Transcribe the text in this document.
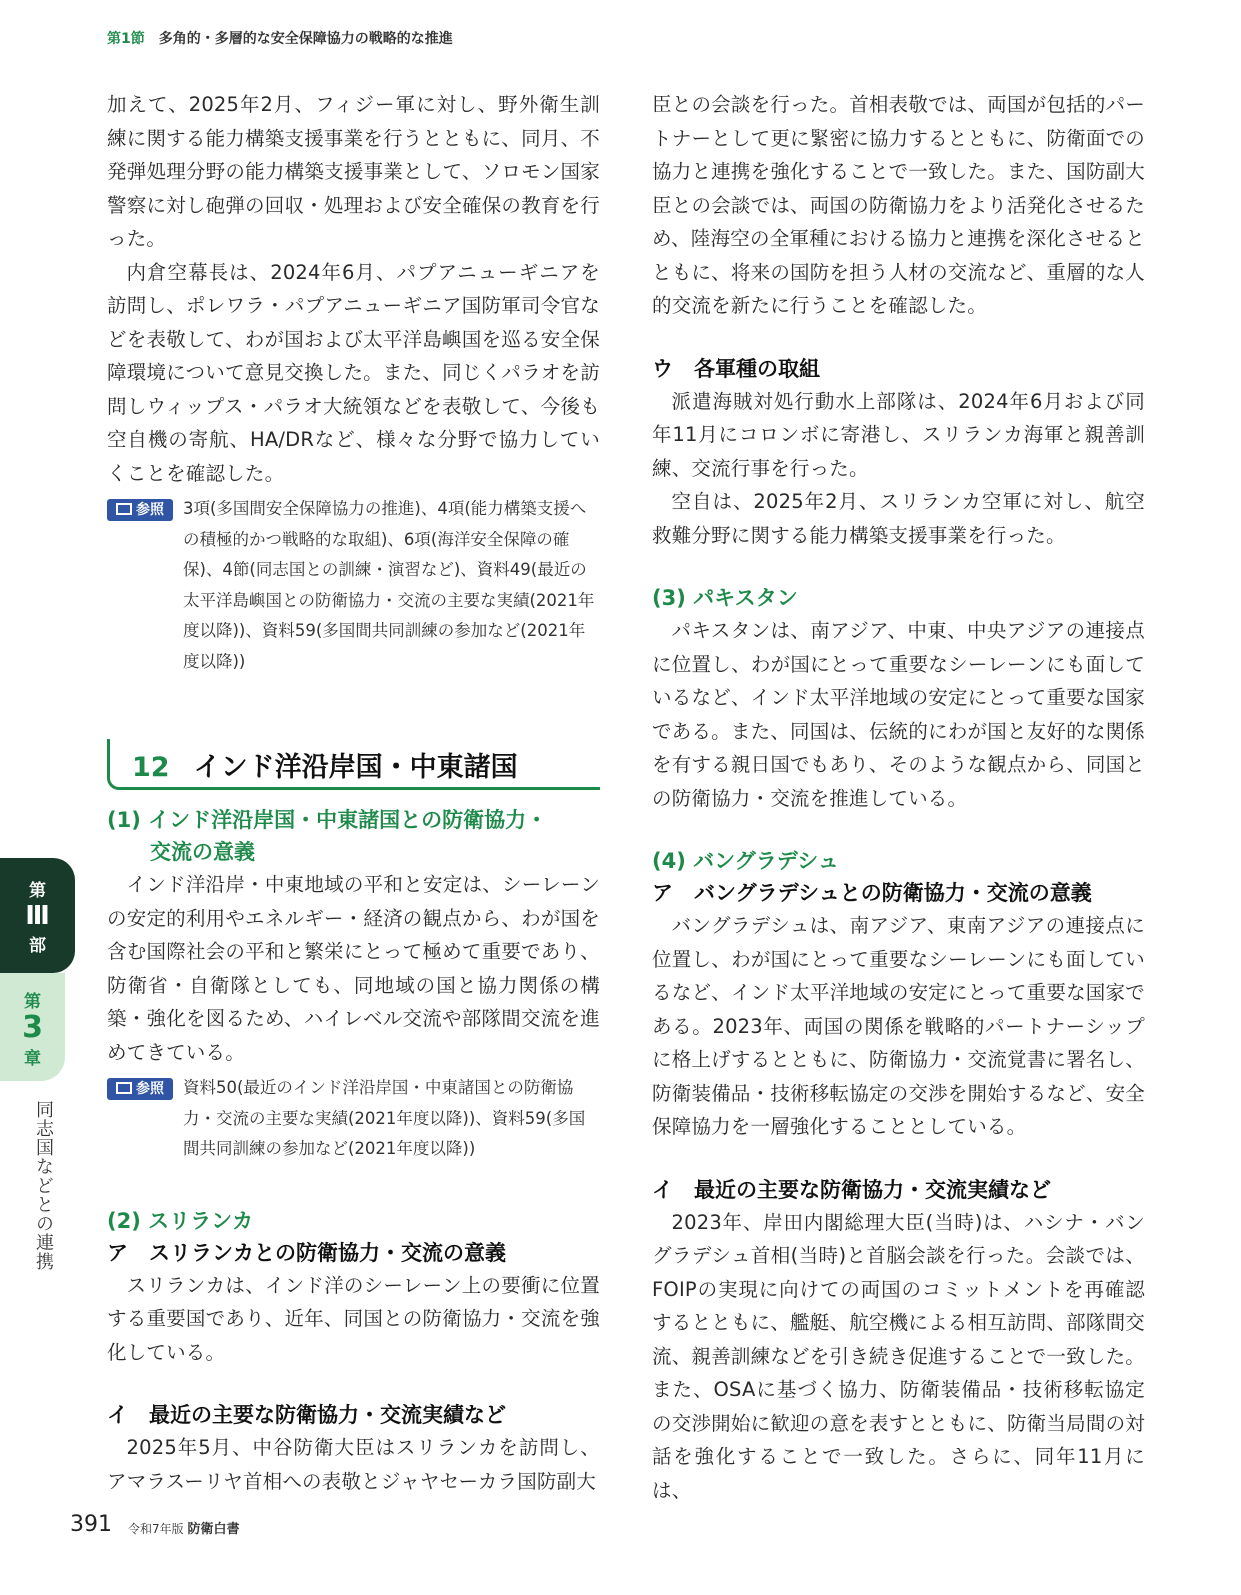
第1節 多角的・多層的な安全保障協力の戦略的な推進

加えて、2025年2月、フィジー軍に対し、野外衛生訓練に関する能力構築支援事業を行うとともに、同月、不発弾処理分野の能力構築支援事業として、ソロモン国家警察に対し砲弾の回収・処理および安全確保の教育を行った。

内倉空幕長は、2024年6月、パプアニューギニアを訪問し、ポレワラ・パプアニューギニア国防軍司令官などを表敬して、わが国および太平洋島嶼国を巡る安全保障環境について意見交換した。また、同じくパラオを訪問しウィップス・パラオ大統領などを表敬して、今後も空自機の寄航、HA/DRなど、様々な分野で協力していくことを確認した。

参照	3項(多国間安全保障協力の推進)、4項(能力構築支援への積極的かつ戦略的な取組)、6項(海洋安全保障の確保)、4節(同志国との訓練・演習など)、資料49(最近の太平洋島嶼国との防衛協力・交流の主要な実績(2021年度以降))、資料59(多国間共同訓練の参加など(2021年度以降))
12 インド洋沿岸国・中東諸国
(1) インド洋沿岸国・中東諸国との防衛協力・
交流の意義

インド洋沿岸・中東地域の平和と安定は、シーレーンの安定的利用やエネルギー・経済の観点から、わが国を含む国際社会の平和と繁栄にとって極めて重要であり、防衛省・自衛隊としても、同地域の国と協力関係の構築・強化を図るため、ハイレベル交流や部隊間交流を進めてきている。

参照	資料50(最近のインド洋沿岸国・中東諸国との防衛協力・交流の主要な実績(2021年度以降))、資料59(多国間共同訓練の参加など(2021年度以降))
(2) スリランカ
ア　スリランカとの防衛協力・交流の意義

スリランカは、インド洋のシーレーン上の要衝に位置する重要国であり、近年、同国との防衛協力・交流を強化している。

イ　最近の主要な防衛協力・交流実績など

2025年5月、中谷防衛大臣はスリランカを訪問し、アマラスーリヤ首相への表敬とジャヤセーカラ国防副大

臣との会談を行った。首相表敬では、両国が包括的パートナーとして更に緊密に協力するとともに、防衛面での協力と連携を強化することで一致した。また、国防副大臣との会談では、両国の防衛協力をより活発化させるため、陸海空の全軍種における協力と連携を深化させるとともに、将来の国防を担う人材の交流など、重層的な人的交流を新たに行うことを確認した。

ウ　各軍種の取組

派遣海賊対処行動水上部隊は、2024年6月および同年11月にコロンボに寄港し、スリランカ海軍と親善訓練、交流行事を行った。

空自は、2025年2月、スリランカ空軍に対し、航空救難分野に関する能力構築支援事業を行った。

(3) パキスタン

パキスタンは、南アジア、中東、中央アジアの連接点に位置し、わが国にとって重要なシーレーンにも面しているなど、インド太平洋地域の安定にとって重要な国家である。また、同国は、伝統的にわが国と友好的な関係を有する親日国でもあり、そのような観点から、同国との防衛協力・交流を推進している。

(4) バングラデシュ
ア　バングラデシュとの防衛協力・交流の意義

バングラデシュは、南アジア、東南アジアの連接点に位置し、わが国にとって重要なシーレーンにも面しているなど、インド太平洋地域の安定にとって重要な国家である。2023年、両国の関係を戦略的パートナーシップに格上げするとともに、防衛協力・交流覚書に署名し、防衛装備品・技術移転協定の交渉を開始するなど、安全保障協力を一層強化することとしている。

イ　最近の主要な防衛協力・交流実績など

2023年、岸田内閣総理大臣(当時)は、ハシナ・バングラデシュ首相(当時)と首脳会談を行った。会談では、FOIPの実現に向けての両国のコミットメントを再確認するとともに、艦艇、航空機による相互訪問、部隊間交流、親善訓練などを引き続き促進することで一致した。また、OSAに基づく協力、防衛装備品・技術移転協定の交渉開始に歓迎の意を表すとともに、防衛当局間の対話を強化することで一致した。さらに、同年11月には、

第
Ⅲ
部
第
3
章
同志国などとの連携
391 令和7年版 防衛白書
